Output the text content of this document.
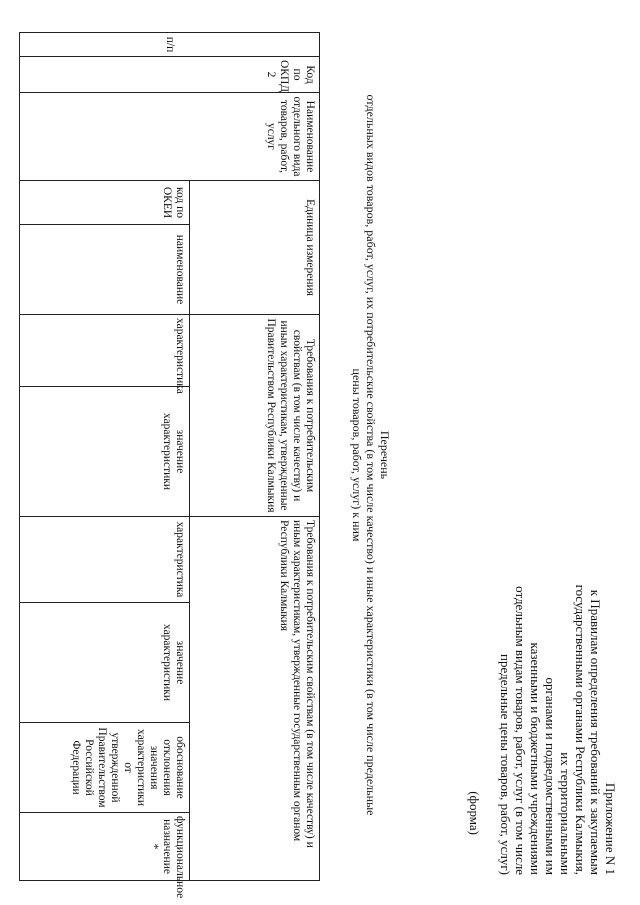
Приложение N 1
к Правилам определения требований к закупаемым
государственными органами Республики Калмыкия,
их территориальными
органами и подведомственными им
казенными и бюджетными учреждениями
отдельным видам товаров, работ, услуг (в том числе
предельные цены товаров, работ, услуг)
(форма)
Перечень
отдельных видов товаров, работ, услуг, их потребительские свойства (в том числе качество) и иные характеристики (в том числе предельные
цены товаров, работ, услуг) к ним
п/п	Код по ОКПД 2	Наименование отдельного вида товаров, работ, услуг	Единица измерения		Требования к потребительским свойствам (в том числе качеству) и иным характеристикам, утвержденные Правительством Республики Калмыкия		Требования к потребительским свойствам (в том числе качеству) и иным характеристикам, утвержденные государственным органом Республики Калмыкия			
			код по ОКЕИ	наименование	характеристика	значение характеристики	характеристика	значение характеристики	обоснование отклонения значения характеристики от утвержденной Правительством Российской Федерации	функциональное назначение *
